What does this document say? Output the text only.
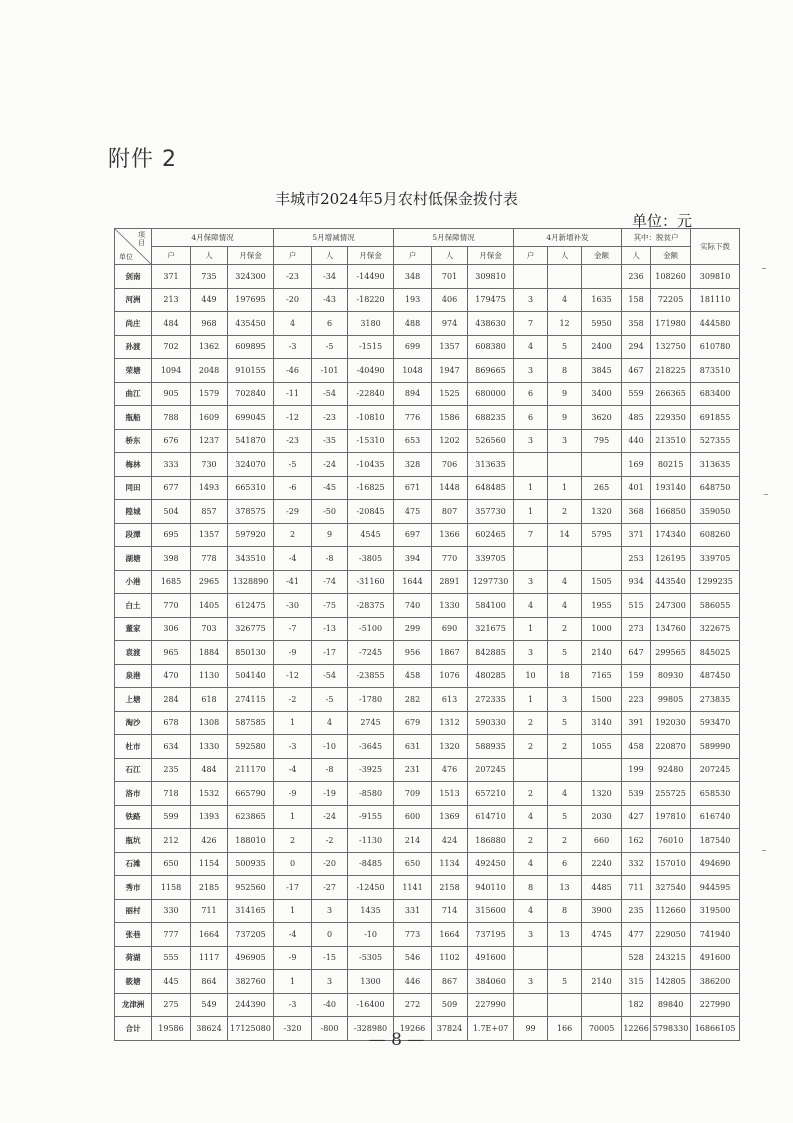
附件 2
丰城市2024年5月农村低保金拨付表
单位：元
项
目
单位	4月保障情况			5月增减情况			5月保障情况			4月新增补发			其中：脱贫户		实际下拨
	户	人	月保金	户	人	月保金	户	人	月保金	户	人	金额	人	金额	
剑南	371	735	324300	-23	-34	-14490	348	701	309810				236	108260	309810
河洲	213	449	197695	-20	-43	-18220	193	406	179475	3	4	1635	158	72205	181110
尚庄	484	968	435450	4	6	3180	488	974	438630	7	12	5950	358	171980	444580
孙渡	702	1362	609895	-3	-5	-1515	699	1357	608380	4	5	2400	294	132750	610780
荣塘	1094	2048	910155	-46	-101	-40490	1048	1947	869665	3	8	3845	467	218225	873510
曲江	905	1579	702840	-11	-54	-22840	894	1525	680000	6	9	3400	559	266365	683400
瓶船	788	1609	699045	-12	-23	-10810	776	1586	688235	6	9	3620	485	229350	691855
桥东	676	1237	541870	-23	-35	-15310	653	1202	526560	3	3	795	440	213510	527355
梅林	333	730	324070	-5	-24	-10435	328	706	313635				169	80215	313635
同田	677	1493	665310	-6	-45	-16825	671	1448	648485	1	1	265	401	193140	648750
隍城	504	857	378575	-29	-50	-20845	475	807	357730	1	2	1320	368	166850	359050
段潭	695	1357	597920	2	9	4545	697	1366	602465	7	14	5795	371	174340	608260
湖塘	398	778	343510	-4	-8	-3805	394	770	339705				253	126195	339705
小港	1685	2965	1328890	-41	-74	-31160	1644	2891	1297730	3	4	1505	934	443540	1299235
白土	770	1405	612475	-30	-75	-28375	740	1330	584100	4	4	1955	515	247300	586055
董家	306	703	326775	-7	-13	-5100	299	690	321675	1	2	1000	273	134760	322675
袁渡	965	1884	850130	-9	-17	-7245	956	1867	842885	3	5	2140	647	299565	845025
泉港	470	1130	504140	-12	-54	-23855	458	1076	480285	10	18	7165	159	80930	487450
上塘	284	618	274115	-2	-5	-1780	282	613	272335	1	3	1500	223	99805	273835
淘沙	678	1308	587585	1	4	2745	679	1312	590330	2	5	3140	391	192030	593470
杜市	634	1330	592580	-3	-10	-3645	631	1320	588935	2	2	1055	458	220870	589990
石江	235	484	211170	-4	-8	-3925	231	476	207245				199	92480	207245
洛市	718	1532	665790	-9	-19	-8580	709	1513	657210	2	4	1320	539	255725	658530
铁路	599	1393	623865	1	-24	-9155	600	1369	614710	4	5	2030	427	197810	616740
瓶坑	212	426	188010	2	-2	-1130	214	424	186880	2	2	660	162	76010	187540
石滩	650	1154	500935	0	-20	-8485	650	1134	492450	4	6	2240	332	157010	494690
秀市	1158	2185	952560	-17	-27	-12450	1141	2158	940110	8	13	4485	711	327540	944595
丽村	330	711	314165	1	3	1435	331	714	315600	4	8	3900	235	112660	319500
张巷	777	1664	737205	-4	0	-10	773	1664	737195	3	13	4745	477	229050	741940
荷湖	555	1117	496905	-9	-15	-5305	546	1102	491600				528	243215	491600
筱塘	445	864	382760	1	3	1300	446	867	384060	3	5	2140	315	142805	386200
龙津洲	275	549	244390	-3	-40	-16400	272	509	227990				182	89840	227990
合计	19586	38624	17125080	-320	-800	-328980	19266	37824	1.7E+07	99	166	70005	12266	5798330	16866105
— 8 —
